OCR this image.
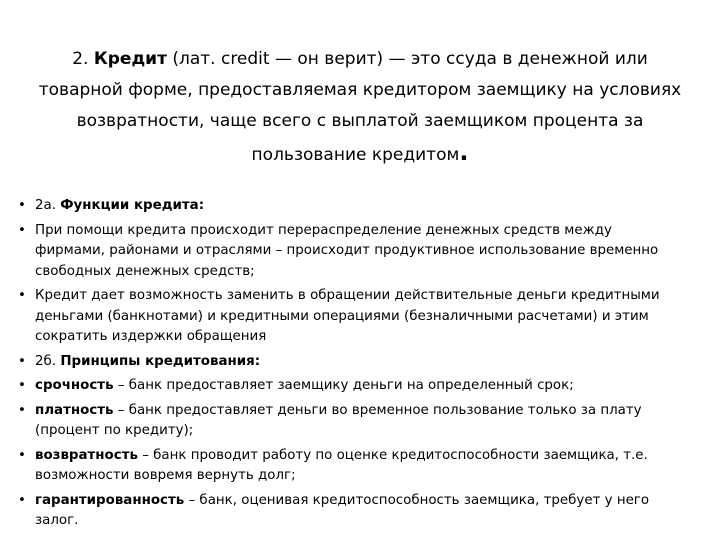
2. Кредит (лат. credit — он верит) — это ссуда в денежной или товарной форме, предоставляемая кредитором заемщику на условиях возвратности, чаще всего с выплатой заемщиком процента за пользование кредитом.
• 2а. Функции кредита:
• При помощи кредита происходит перераспределение денежных средств между фирмами, районами и отраслями – происходит продуктивное использование временно свободных денежных средств;
• Кредит дает возможность заменить в обращении действительные деньги кредитными деньгами (банкнотами) и кредитными операциями (безналичными расчетами) и этим сократить издержки обращения
• 2б. Принципы кредитования:
• срочность – банк предоставляет заемщику деньги на определенный срок;
• платность – банк предоставляет деньги во временное пользование только за плату (процент по кредиту);
• возвратность – банк проводит работу по оценке кредитоспособности заемщика, т.е. возможности вовремя вернуть долг;
• гарантированность – банк, оценивая кредитоспособность заемщика, требует у него залог.
